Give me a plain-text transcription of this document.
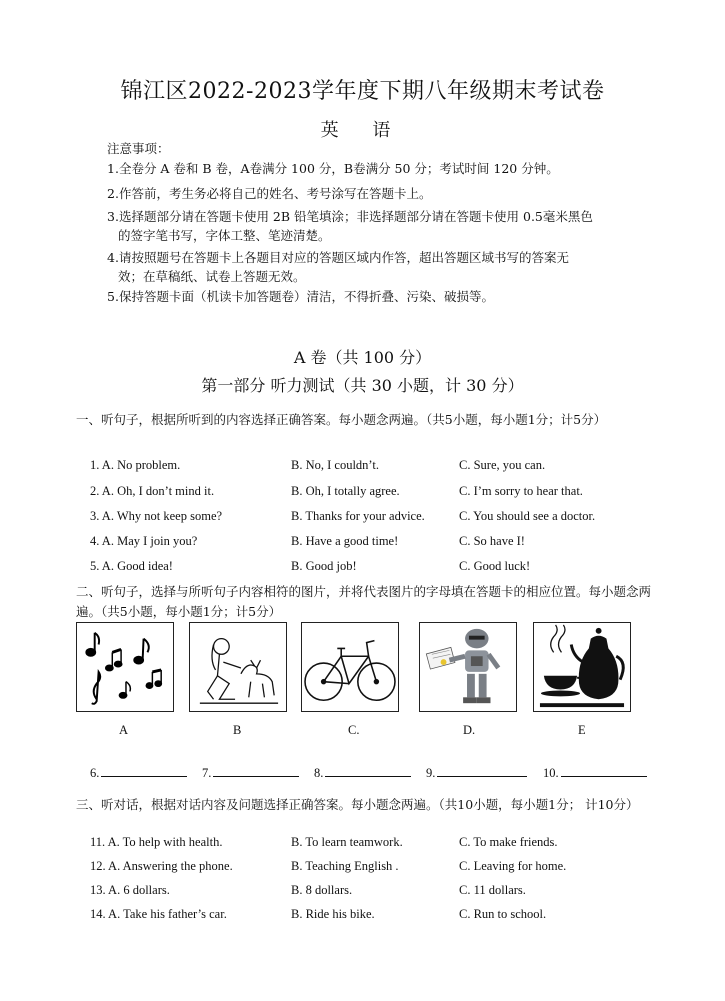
锦江区2022-2023学年度下期八年级期末考试卷
英 语
注意事项：
1.全卷分 A 卷和 B 卷，A卷满分 100 分，B卷满分 50 分；考试时间 120 分钟。
2.作答前，考生务必将自己的姓名、考号涂写在答题卡上。
3.选择题部分请在答题卡使用 2B 铅笔填涂；非选择题部分请在答题卡使用 0.5毫米黑色
的签字笔书写，字体工整、笔迹清楚。
4.请按照题号在答题卡上各题目对应的答题区域内作答，超出答题区域书写的答案无
效；在草稿纸、试卷上答题无效。
5.保持答题卡面（机读卡加答题卷）清洁，不得折叠、污染、破损等。
A 卷（共 100 分）
第一部分 听力测试（共 30 小题，计 30 分）
一、听句子，根据所听到的内容选择正确答案。每小题念两遍。（共5小题，每小题1分；计5分）
1. A. No problem.	B. No, I couldn’t.	C. Sure, you can.
2. A. Oh, I don’t mind it.	B. Oh, I totally agree.	C. I’m sorry to hear that.
3. A. Why not keep some?	B. Thanks for your advice.	C. You should see a doctor.
4. A. May I join you?	B. Have a good time!	C. So have I!
5. A. Good idea!	B. Good job!	C. Good luck!
二、听句子，选择与所听句子内容相符的图片，并将代表图片的字母填在答题卡的相应位置。每小题念两遍。（共5小题，每小题1分；计5分）
A	B	C.	D.	E
6.	7.	8.	9.	10.
三、听对话，根据对话内容及问题选择正确答案。每小题念两遍。（共10小题，每小题1分； 计10分）
11. A. To help with health.	B. To learn teamwork.	C. To make friends.
12. A. Answering the phone.	B. Teaching English .	C. Leaving for home.
13. A. 6 dollars.	B. 8 dollars.	C. 11 dollars.
14. A. Take his father’s car.	B. Ride his bike.	C. Run to school.
